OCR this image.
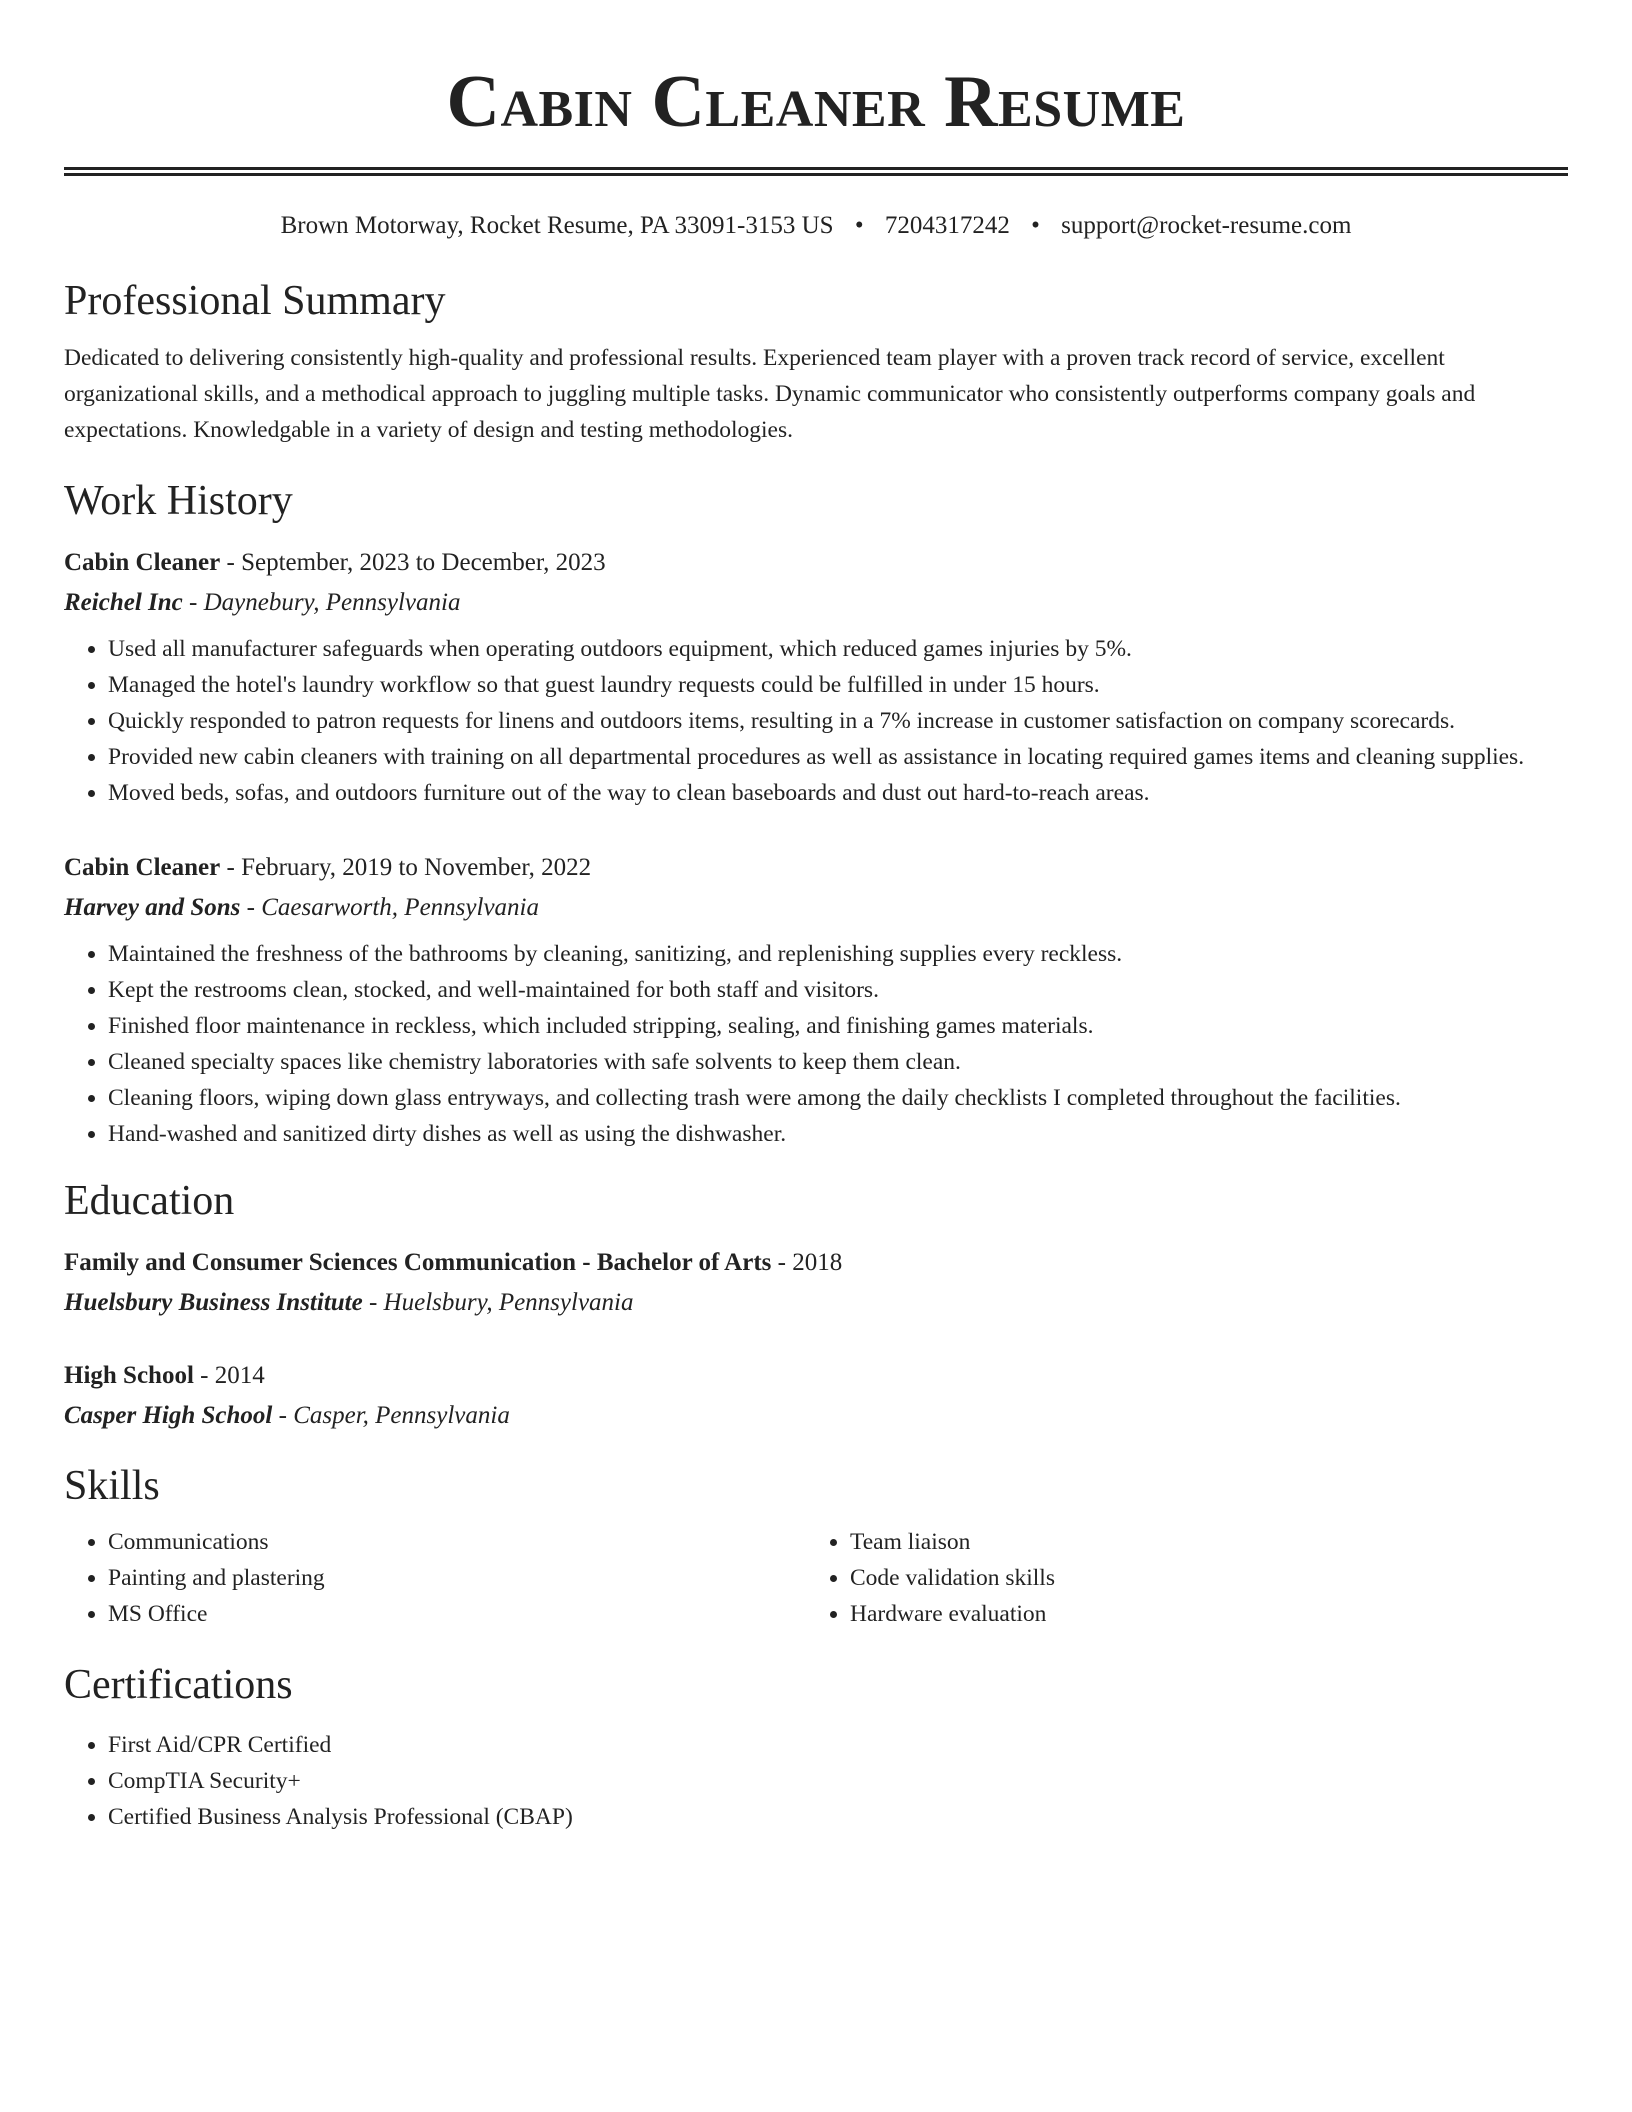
Cabin Cleaner Resume
Brown Motorway, Rocket Resume, PA 33091-3153 US • 7204317242 • support@rocket-resume.com
Professional Summary

Dedicated to delivering consistently high-quality and professional results. Experienced team player with a proven track record of service, excellent organizational skills, and a methodical approach to juggling multiple tasks. Dynamic communicator who consistently outperforms company goals and expectations. Knowledgable in a variety of design and testing methodologies.

Work History
Cabin Cleaner - September, 2023 to December, 2023
Reichel Inc - Daynebury, Pennsylvania
• Used all manufacturer safeguards when operating outdoors equipment, which reduced games injuries by 5%.
• Managed the hotel's laundry workflow so that guest laundry requests could be fulfilled in under 15 hours.
• Quickly responded to patron requests for linens and outdoors items, resulting in a 7% increase in customer satisfaction on company scorecards.
• Provided new cabin cleaners with training on all departmental procedures as well as assistance in locating required games items and cleaning supplies.
• Moved beds, sofas, and outdoors furniture out of the way to clean baseboards and dust out hard-to-reach areas.
Cabin Cleaner - February, 2019 to November, 2022
Harvey and Sons - Caesarworth, Pennsylvania
• Maintained the freshness of the bathrooms by cleaning, sanitizing, and replenishing supplies every reckless.
• Kept the restrooms clean, stocked, and well-maintained for both staff and visitors.
• Finished floor maintenance in reckless, which included stripping, sealing, and finishing games materials.
• Cleaned specialty spaces like chemistry laboratories with safe solvents to keep them clean.
• Cleaning floors, wiping down glass entryways, and collecting trash were among the daily checklists I completed throughout the facilities.
• Hand-washed and sanitized dirty dishes as well as using the dishwasher.
Education
Family and Consumer Sciences Communication - Bachelor of Arts - 2018
Huelsbury Business Institute - Huelsbury, Pennsylvania
High School - 2014
Casper High School - Casper, Pennsylvania
Skills
• Communications
• Painting and plastering
• MS Office
• Team liaison
• Code validation skills
• Hardware evaluation
Certifications
• First Aid/CPR Certified
• CompTIA Security+
• Certified Business Analysis Professional (CBAP)
